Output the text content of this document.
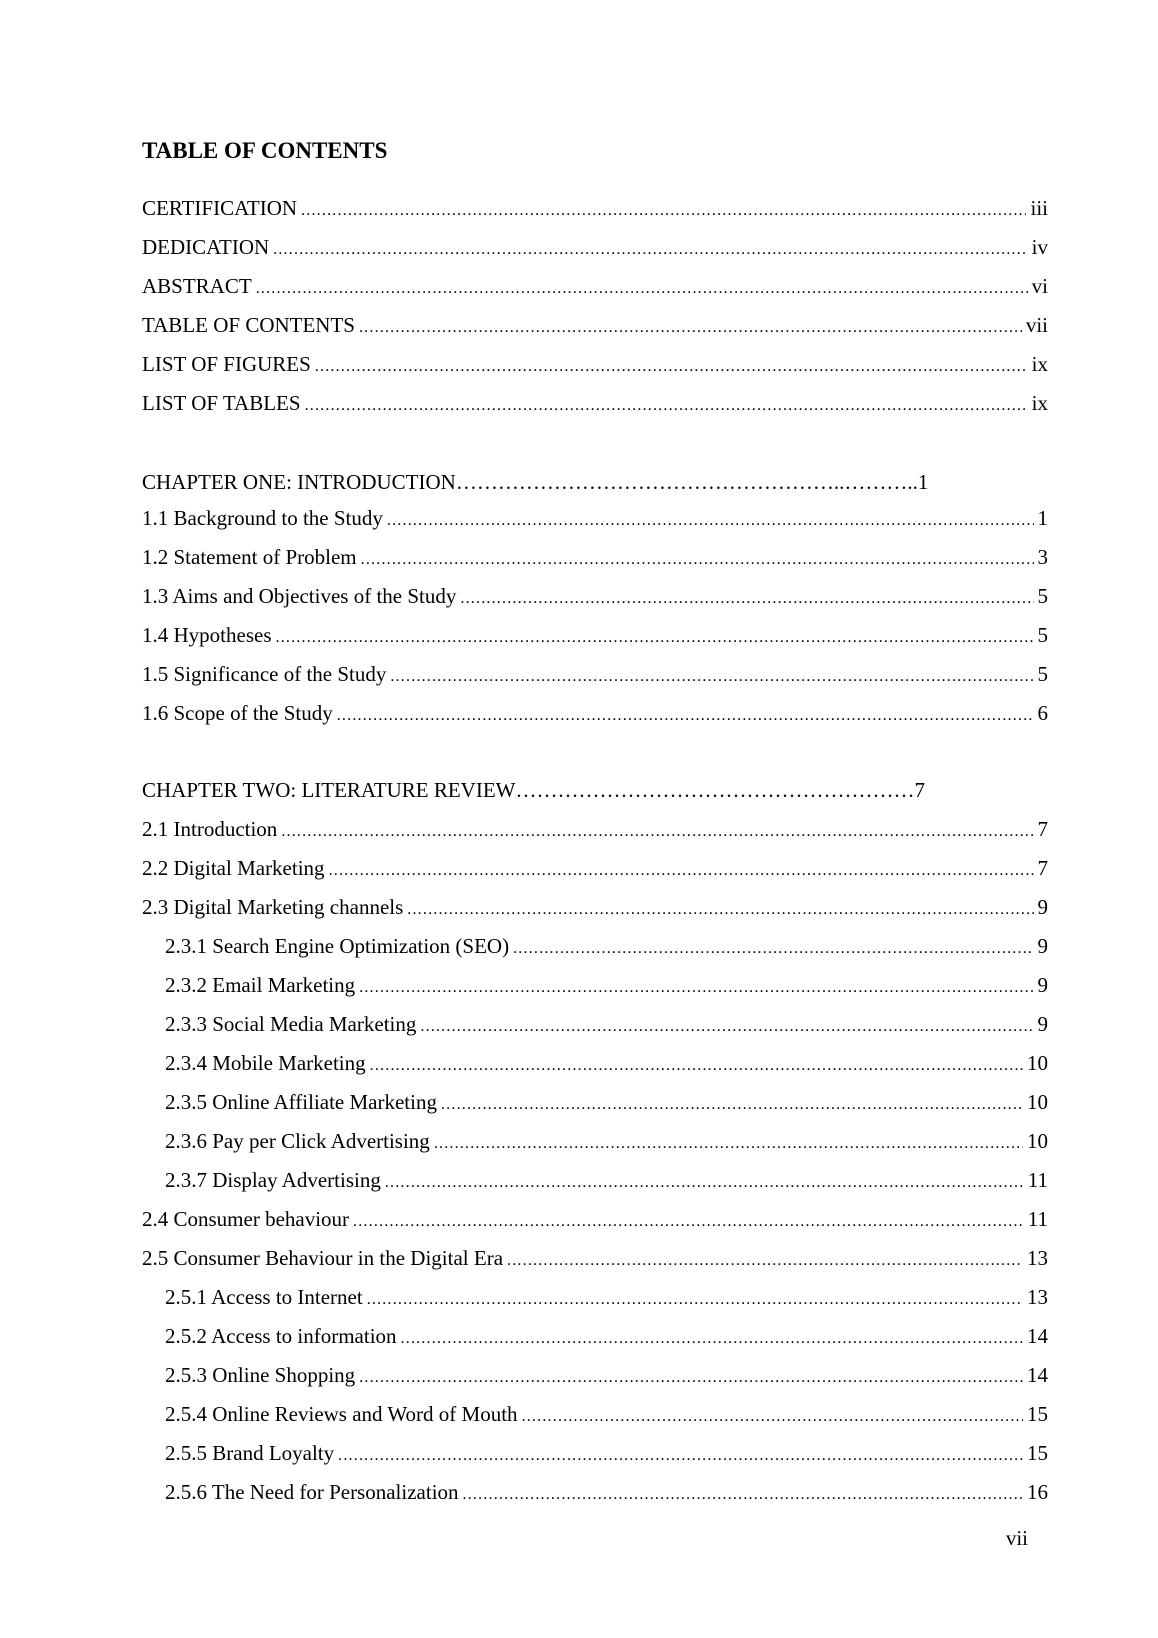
TABLE OF CONTENTS
CERTIFICATION .....	iii
DEDICATION .....	iv
ABSTRACT .....	vi
TABLE OF CONTENTS .....	vii
LIST OF FIGURES .....	ix
LIST OF TABLES .....	ix

CHAPTER ONE: INTRODUCTION………………………………………………..………..1

1.1 Background to the Study .....	1
1.2 Statement of Problem .....	3
1.3 Aims and Objectives of the Study .....	5
1.4 Hypotheses .....	5
1.5 Significance of the Study .....	5
1.6 Scope of the Study .....	6

CHAPTER TWO: LITERATURE REVIEW…………………………………………………7

2.1 Introduction .....	7
2.2 Digital Marketing .....	7
2.3 Digital Marketing channels .....	9
2.3.1 Search Engine Optimization (SEO) .....	9
2.3.2 Email Marketing .....	9
2.3.3 Social Media Marketing .....	9
2.3.4 Mobile Marketing .....	10
2.3.5 Online Affiliate Marketing .....	10
2.3.6 Pay per Click Advertising .....	10
2.3.7 Display Advertising .....	11
2.4 Consumer behaviour .....	11
2.5 Consumer Behaviour in the Digital Era .....	13
2.5.1 Access to Internet .....	13
2.5.2 Access to information .....	14
2.5.3 Online Shopping .....	14
2.5.4 Online Reviews and Word of Mouth .....	15
2.5.5 Brand Loyalty .....	15
2.5.6 The Need for Personalization .....	16
vii
